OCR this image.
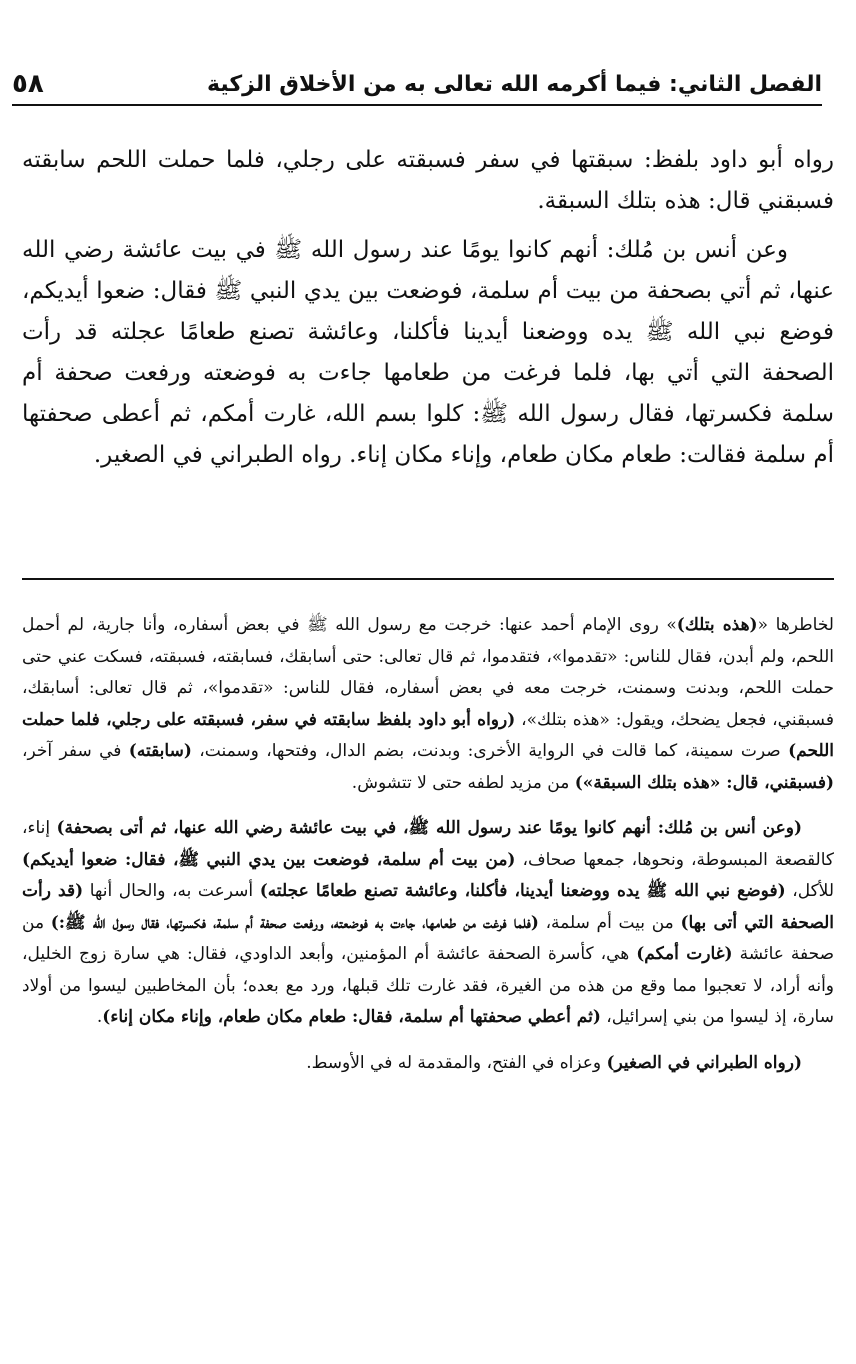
الفصل الثاني: فيما أكرمه الله تعالى به من الأخلاق الزكية
٥٨

رواه أبو داود بلفظ: سبقتها في سفر فسبقته على رجلي، فلما حملت اللحم سابقته فسبقني قال: هذه بتلك السبقة.

وعن أنس بن مُلك: أنهم كانوا يومًا عند رسول الله ﷺ في بيت عائشة رضي الله عنها، ثم أتي بصحفة من بيت أم سلمة، فوضعت بين يدي النبي ﷺ فقال: ضعوا أيديكم، فوضع نبي الله ﷺ يده ووضعنا أيدينا فأكلنا، وعائشة تصنع طعامًا عجلته قد رأت الصحفة التي أتي بها، فلما فرغت من طعامها جاءت به فوضعته ورفعت صحفة أم سلمة فكسرتها، فقال رسول الله ﷺ: كلوا بسم الله، غارت أمكم، ثم أعطى صحفتها أم سلمة فقالت: طعام مكان طعام، وإناء مكان إناء. رواه الطبراني في الصغير.

لخاطرها «(هذه بتلك)» روى الإمام أحمد عنها: خرجت مع رسول الله ﷺ في بعض أسفاره، وأنا جارية، لم أحمل اللحم، ولم أبدن، فقال للناس: «تقدموا»، فتقدموا، ثم قال تعالى: حتى أسابقك، فسابقته، فسبقته، فسكت عني حتى حملت اللحم، وبدنت وسمنت، خرجت معه في بعض أسفاره، فقال للناس: «تقدموا»، ثم قال تعالى: أسابقك، فسبقني، فجعل يضحك، ويقول: «هذه بتلك»، (رواه أبو داود بلفظ سابقته في سفر، فسبقته على رجلي، فلما حملت اللحم) صرت سمينة، كما قالت في الرواية الأخرى: وبدنت، بضم الدال، وفتحها، وسمنت، (سابقته) في سفر آخر، (فسبقني، قال: «هذه بتلك السبقة») من مزيد لطفه حتى لا تتشوش.

(وعن أنس بن مُلك: أنهم كانوا يومًا عند رسول الله ﷺ، في بيت عائشة رضي الله عنها، ثم أتى بصحفة) إناء، كالقصعة المبسوطة، ونحوها، جمعها صحاف، (من بيت أم سلمة، فوضعت بين يدي النبي ﷺ، فقال: ضعوا أيديكم) للأكل، (فوضع نبي الله ﷺ يده ووضعنا أيدينا، فأكلنا، وعائشة تصنع طعامًا عجلته) أسرعت به، والحال أنها (قد رأت الصحفة التي أتى بها) من بيت أم سلمة، (فلما فرغت من طعامها، جاءت به فوضعته، ورفعت صحفة أم سلمة، فكسرتها، فقال رسول الله ﷺ:) من صحفة عائشة (غارت أمكم) هي، كأسرة الصحفة عائشة أم المؤمنين، وأبعد الداودي، فقال: هي سارة زوج الخليل، وأنه أراد، لا تعجبوا مما وقع من هذه من الغيرة، فقد غارت تلك قبلها، ورد مع بعده؛ بأن المخاطبين ليسوا من أولاد سارة، إذ ليسوا من بني إسرائيل، (ثم أعطي صحفتها أم سلمة، فقال: طعام مكان طعام، وإناء مكان إناء).

(رواه الطبراني في الصغير) وعزاه في الفتح، والمقدمة له في الأوسط.
